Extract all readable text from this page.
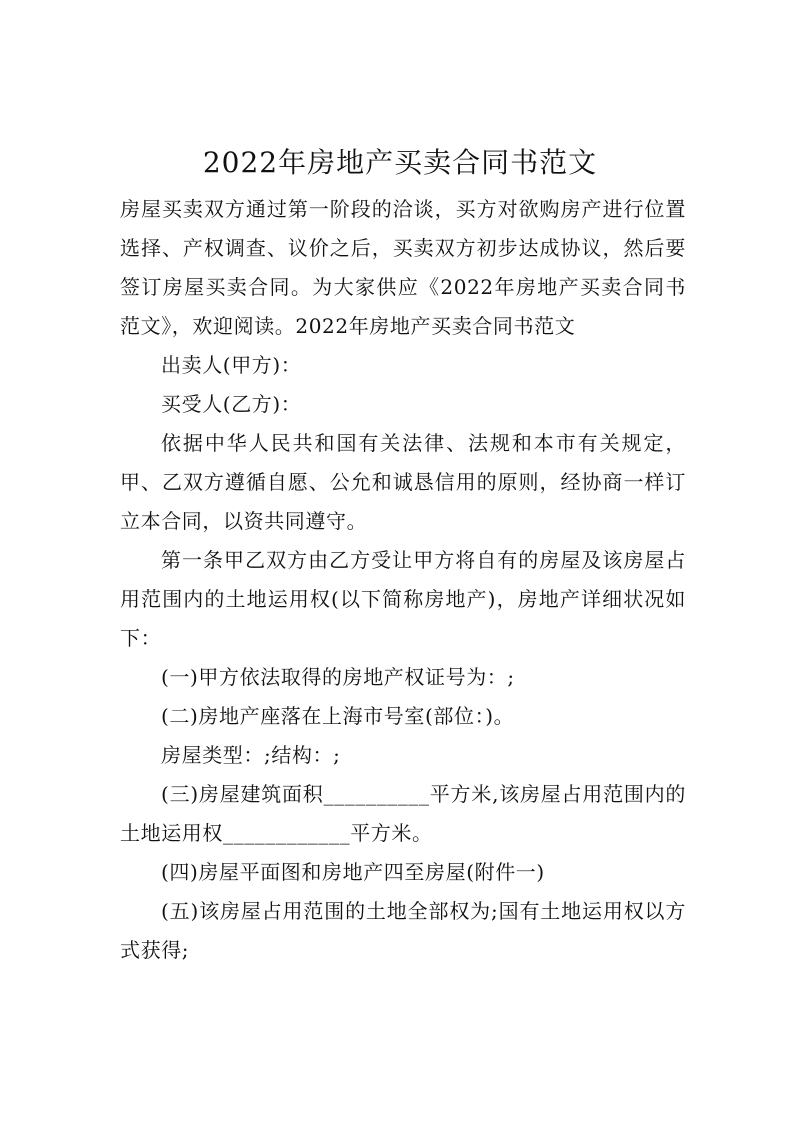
2022年房地产买卖合同书范文

房屋买卖双方通过第一阶段的洽谈，买方对欲购房产进行位置选择、产权调查、议价之后，买卖双方初步达成协议，然后要签订房屋买卖合同。为大家供应《2022年房地产买卖合同书范文》，欢迎阅读。2022年房地产买卖合同书范文

出卖人(甲方)：

买受人(乙方)：

依据中华人民共和国有关法律、法规和本市有关规定，甲、乙双方遵循自愿、公允和诚恳信用的原则，经协商一样订立本合同，以资共同遵守。

第一条甲乙双方由乙方受让甲方将自有的房屋及该房屋占用范围内的土地运用权(以下简称房地产)，房地产详细状况如下：

(一)甲方依法取得的房地产权证号为：;

(二)房地产座落在上海市号室(部位：)。

房屋类型：;结构：;

(三)房屋建筑面积__________平方米,该房屋占用范围内的土地运用权____________平方米。

(四)房屋平面图和房地产四至房屋(附件一)

(五)该房屋占用范围的土地全部权为;国有土地运用权以方式获得;
